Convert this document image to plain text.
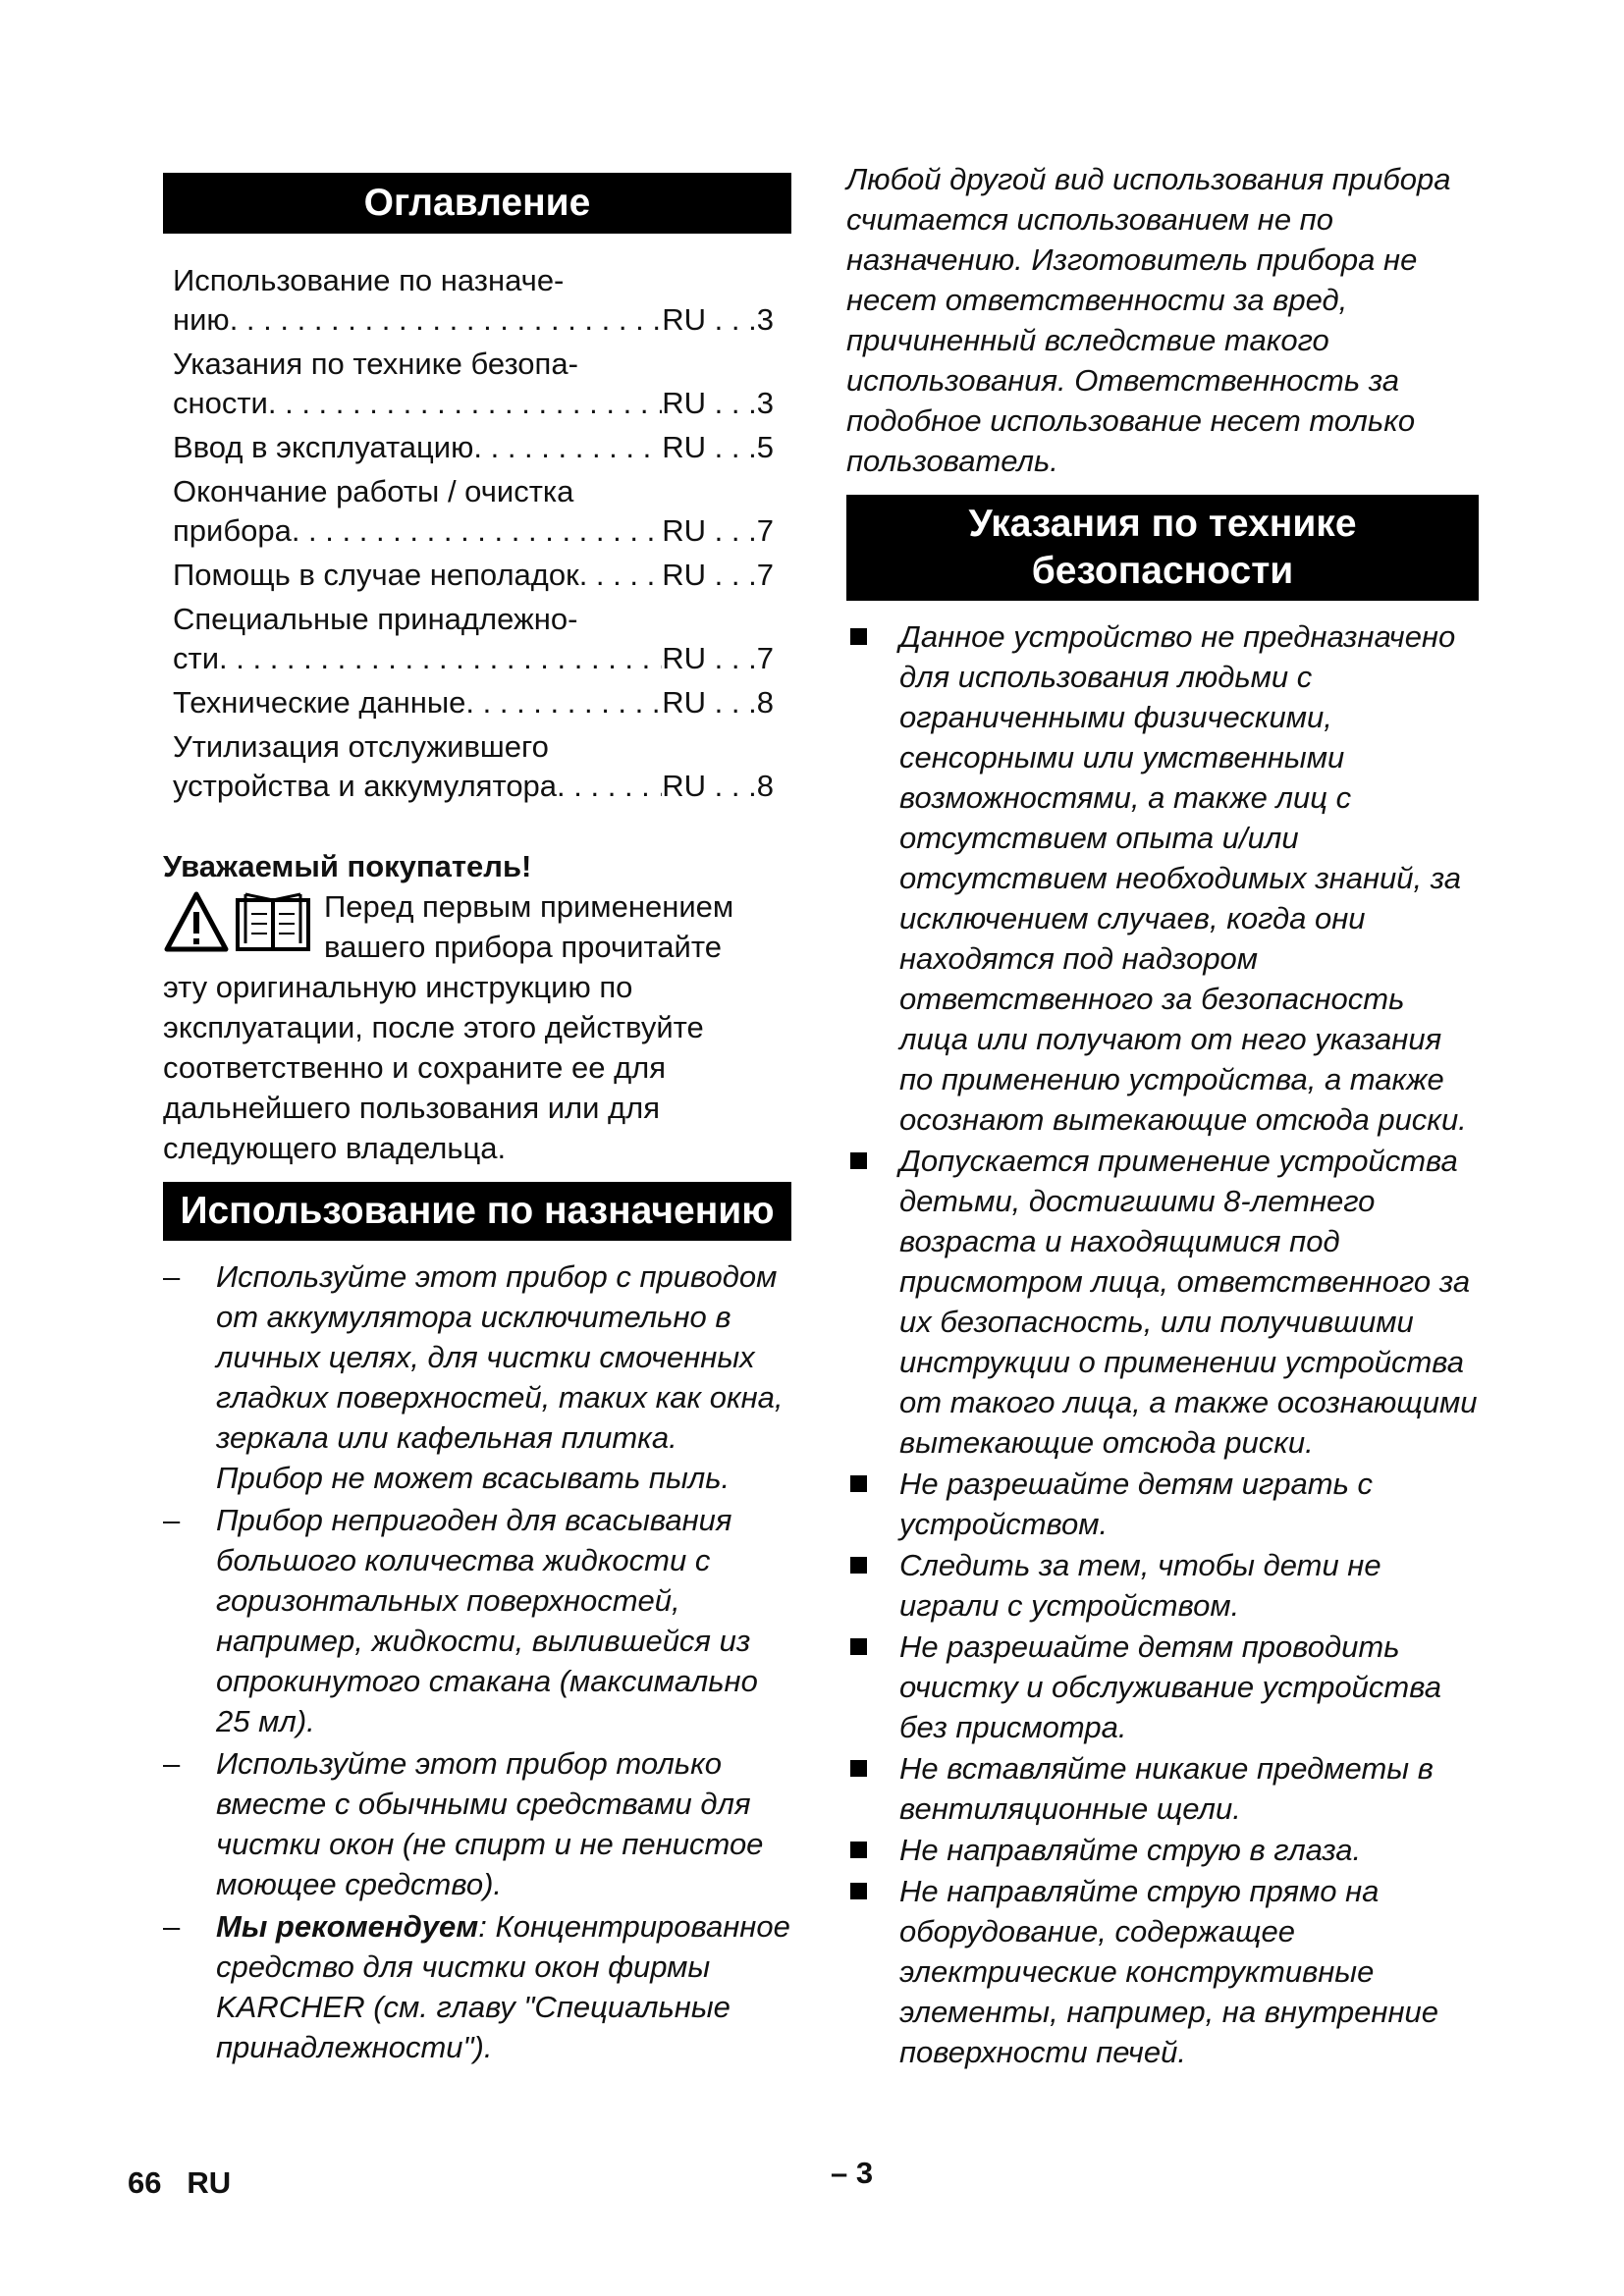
Оглавление
Использование по назначе-
нию . . .	RU . . .3
Указания по технике безопа-
сности . . .	RU . . .3
Ввод в эксплуатацию . . .	RU . . .5
Окончание работы / очистка
прибора . . .	RU . . .7
Помощь в случае неполадок . . .	RU . . .7
Специальные принадлежно-
сти . . .	RU . . .7
Технические данные . . .	RU . . .8
Утилизация отслужившего
устройства и аккумулятора . . .	RU . . .8
Уважаемый покупатель!
Перед первым применением
вашего прибора прочитайте
эту оригинальную инструкцию по эксплуатации, после этого действуйте соответственно и сохраните ее для дальнейшего пользования или для следующего владельца.
Использование по назначению
– Используйте этот прибор с приводом от аккумулятора исключительно в личных целях, для чистки смоченных гладких поверхностей, таких как окна, зеркала или кафельная плитка. Прибор не может всасывать пыль.
– Прибор непригоден для всасывания большого количества жидкости с горизонтальных поверхностей, например, жидкости, вылившейся из опрокинутого стакана (максимально 25 мл).
– Используйте этот прибор только вместе с обычными средствами для чистки окон (не спирт и не пенистое моющее средство).
– Мы рекомендуем: Концентрированное средство для чистки окон фирмы KARCHER (см. главу "Специальные принадлежности").
Любой другой вид использования прибора считается использованием не по назначению. Изготовитель прибора не несет ответственности за вред, причиненный вследствие такого использования. Ответственность за подобное использование несет только пользователь.
Указания по технике
безопасности
Данное устройство не предназначено для использования людьми с ограниченными физическими, сенсорными или умственными возможностями, а также лиц с отсутствием опыта и/или отсутствием необходимых знаний, за исключением случаев, когда они находятся под надзором ответственного за безопасность лица или получают от него указания по применению устройства, а также осознают вытекающие отсюда риски.
Допускается применение устройства детьми, достигшими 8-летнего возраста и находящимися под присмотром лица, ответственного за их безопасность, или получившими инструкции о применении устройства от такого лица, а также осознающими вытекающие отсюда риски.
Не разрешайте детям играть с устройством.
Следить за тем, чтобы дети не играли с устройством.
Не разрешайте детям проводить очистку и обслуживание устройства без присмотра.
Не вставляйте никакие предметы в вентиляционные щели.
Не направляйте струю в глаза.
Не направляйте струю прямо на оборудование, содержащее электрические конструктивные элементы, например, на внутренние поверхности печей.
66 RU	– 3
